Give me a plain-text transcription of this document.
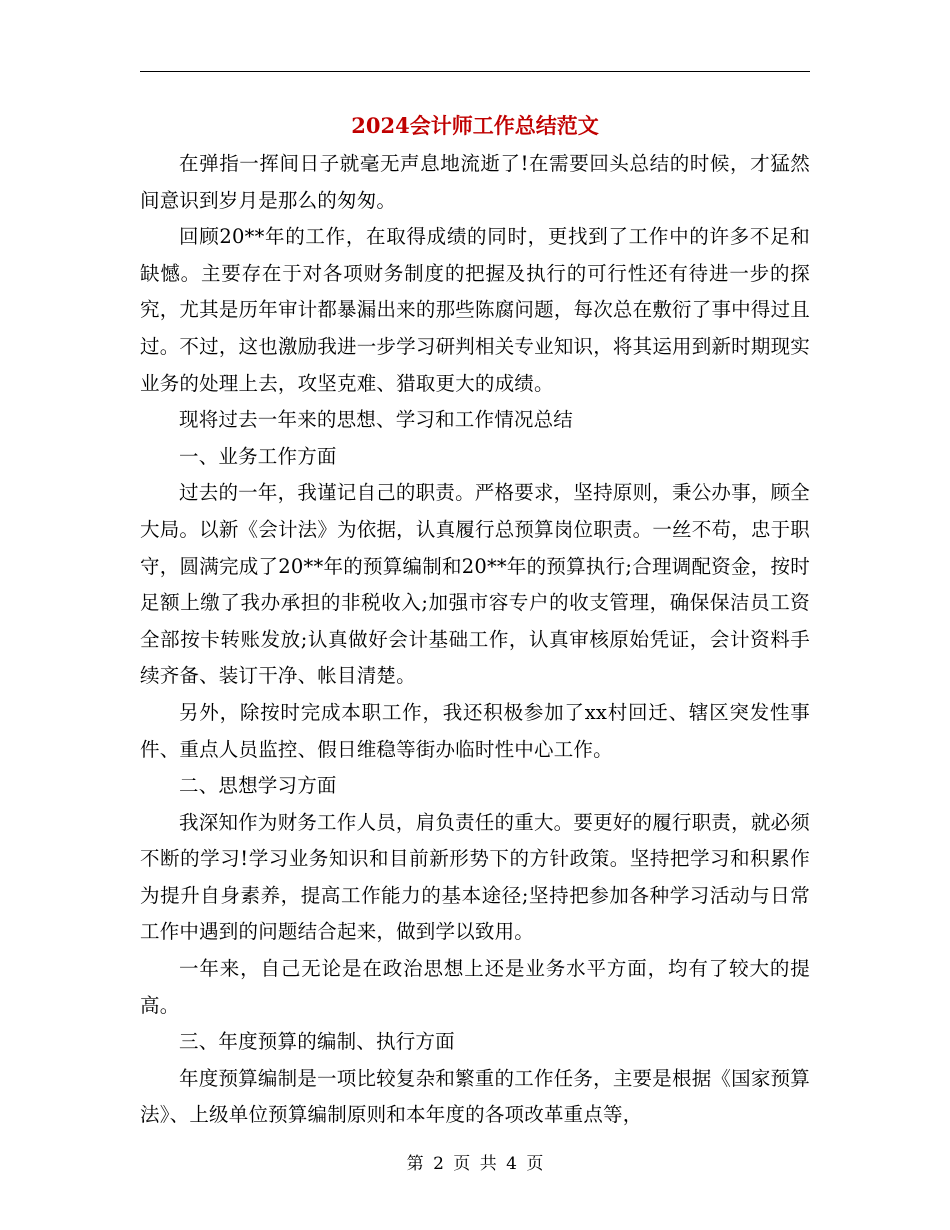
2024会计师工作总结范文

在弹指一挥间日子就毫无声息地流逝了!在需要回头总结的时候，才猛然间意识到岁月是那么的匆匆。

回顾20**年的工作，在取得成绩的同时，更找到了工作中的许多不足和缺憾。主要存在于对各项财务制度的把握及执行的可行性还有待进一步的探究，尤其是历年审计都暴漏出来的那些陈腐问题，每次总在敷衍了事中得过且过。不过，这也激励我进一步学习研判相关专业知识，将其运用到新时期现实业务的处理上去，攻坚克难、猎取更大的成绩。

现将过去一年来的思想、学习和工作情况总结

一、业务工作方面

过去的一年，我谨记自己的职责。严格要求，坚持原则，秉公办事，顾全大局。以新《会计法》为依据，认真履行总预算岗位职责。一丝不苟，忠于职守，圆满完成了20**年的预算编制和20**年的预算执行;合理调配资金，按时足额上缴了我办承担的非税收入;加强市容专户的收支管理，确保保洁员工资全部按卡转账发放;认真做好会计基础工作，认真审核原始凭证，会计资料手续齐备、装订干净、帐目清楚。

另外，除按时完成本职工作，我还积极参加了xx村回迁、辖区突发性事件、重点人员监控、假日维稳等街办临时性中心工作。

二、思想学习方面

我深知作为财务工作人员，肩负责任的重大。要更好的履行职责，就必须不断的学习!学习业务知识和目前新形势下的方针政策。坚持把学习和积累作为提升自身素养，提高工作能力的基本途径;坚持把参加各种学习活动与日常工作中遇到的问题结合起来，做到学以致用。

一年来，自己无论是在政治思想上还是业务水平方面，均有了较大的提高。

三、年度预算的编制、执行方面

年度预算编制是一项比较复杂和繁重的工作任务，主要是根据《国家预算法》、上级单位预算编制原则和本年度的各项改革重点等，

第 2 页 共 4 页
